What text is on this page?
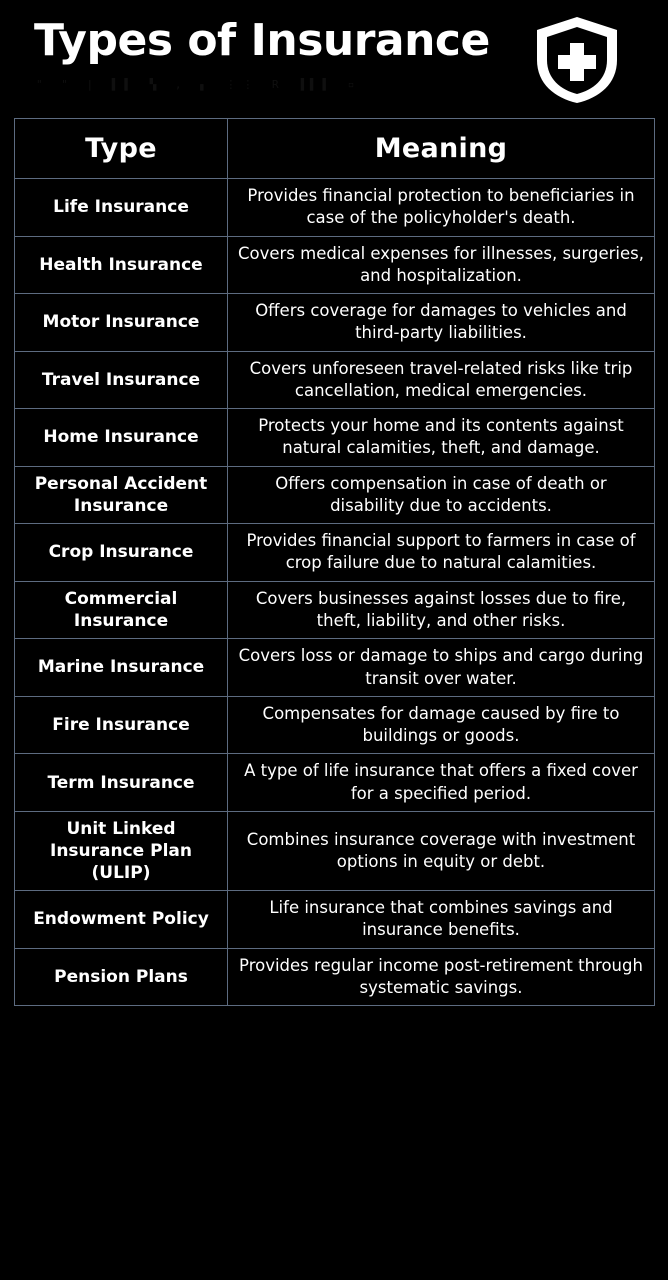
Types of Insurance
" " | ▌▌ ▚ , ▖ ⋮⋮ R ▐▌▌ ▫
Type	Meaning
Life Insurance	Provides financial protection to beneficiaries in case of the policyholder's death.
Health Insurance	Covers medical expenses for illnesses, surgeries, and hospitalization.
Motor Insurance	Offers coverage for damages to vehicles and third-party liabilities.
Travel Insurance	Covers unforeseen travel-related risks like trip cancellation, medical emergencies.
Home Insurance	Protects your home and its contents against natural calamities, theft, and damage.
Personal Accident Insurance	Offers compensation in case of death or disability due to accidents.
Crop Insurance	Provides financial support to farmers in case of crop failure due to natural calamities.
Commercial Insurance	Covers businesses against losses due to fire, theft, liability, and other risks.
Marine Insurance	Covers loss or damage to ships and cargo during transit over water.
Fire Insurance	Compensates for damage caused by fire to buildings or goods.
Term Insurance	A type of life insurance that offers a fixed cover for a specified period.
Unit Linked Insurance Plan (ULIP)	Combines insurance coverage with investment options in equity or debt.
Endowment Policy	Life insurance that combines savings and insurance benefits.
Pension Plans	Provides regular income post-retirement through systematic savings.
